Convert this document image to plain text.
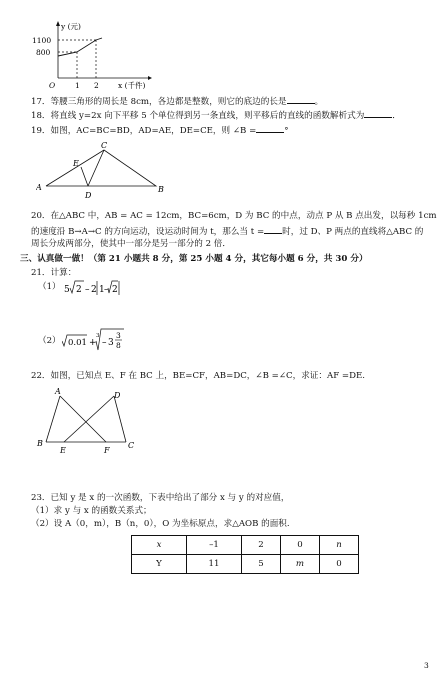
y (元)
1100
800
O	1 2	x (千件)
17．等腰三角形的周长是 8cm，各边都是整数，则它的底边的长是	。
18．将直线 y=2x 向下平移 5 个单位得到另一条直线，则平移后的直线的函数解析式为	．
19．如图，AC=BC=BD，AD=AE，DE=CE，则 ∠B =	°
A	B
C
D
E
20．在△ABC 中，AB = AC = 12cm，BC=6cm，D 为 BC 的中点，动点 P 从 B 点出发，以每秒 1cm
的速度沿 B→A→C 的方向运动，设运动时间为 t，那么当 t = 时，过 D、P 两点的直线将△ABC 的
周长分成两部分，使其中一部分是另一部分的 2 倍．
三、认真做一做！（第 21 小题共 8 分，第 25 小题 4 分，其它每小题 6 分，共 30 分）
21．计算：
（1） 5 2 – 2 1 – 2
（2） 0.01 +
3
– 3
3
8
22．如图，已知点 E、F 在 BC 上，BE=CF，AB=DC，∠B =∠C，求证：AF =DE.
A	D
B	C
E	F
23．已知 y 是 x 的一次函数，下表中给出了部分 x 与 y 的对应值，
（1）求 y 与 x 的函数关系式；
（2）设 A（0，m），B（n，0），O 为坐标原点，求△AOB 的面积.
x	–1	2	0	n
Y	11	5	m	0
3
